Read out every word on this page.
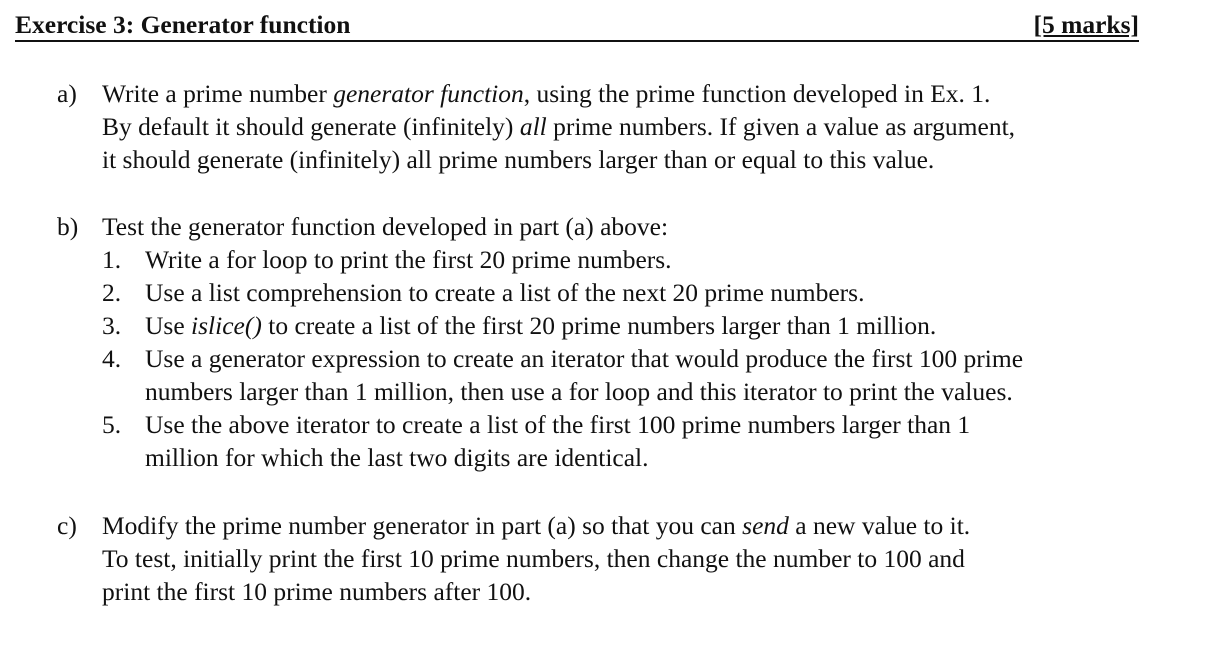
Exercise 3: Generator function	[5 marks]
a) Write a prime number generator function, using the prime function developed in Ex. 1.
By default it should generate (infinitely) all prime numbers. If given a value as argument,
it should generate (infinitely) all prime numbers larger than or equal to this value.
b) Test the generator function developed in part (a) above:
1. Write a for loop to print the first 20 prime numbers.
2. Use a list comprehension to create a list of the next 20 prime numbers.
3. Use islice() to create a list of the first 20 prime numbers larger than 1 million.
4. Use a generator expression to create an iterator that would produce the first 100 prime
numbers larger than 1 million, then use a for loop and this iterator to print the values.
5. Use the above iterator to create a list of the first 100 prime numbers larger than 1
million for which the last two digits are identical.
c) Modify the prime number generator in part (a) so that you can send a new value to it.
To test, initially print the first 10 prime numbers, then change the number to 100 and
print the first 10 prime numbers after 100.
